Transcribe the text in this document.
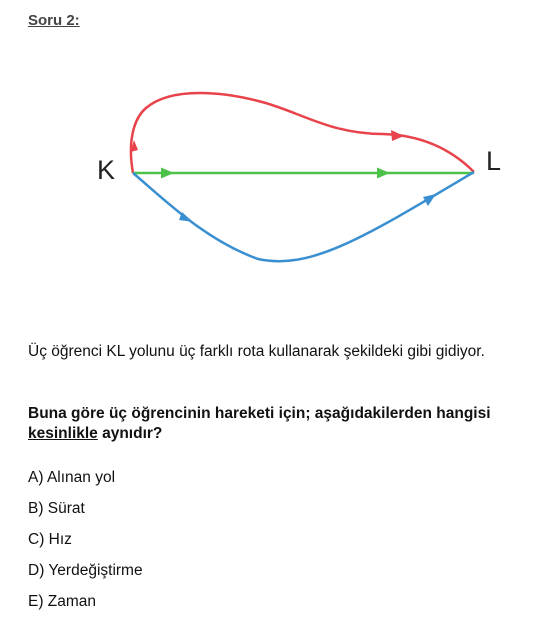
Soru 2:
K	L
Üç öğrenci KL yolunu üç farklı rota kullanarak şekildeki gibi gidiyor.
Buna göre üç öğrencinin hareketi için; aşağıdakilerden hangisi kesinlikle aynıdır?
A) Alınan yol
B) Sürat
C) Hız
D) Yerdeğiştirme
E) Zaman
